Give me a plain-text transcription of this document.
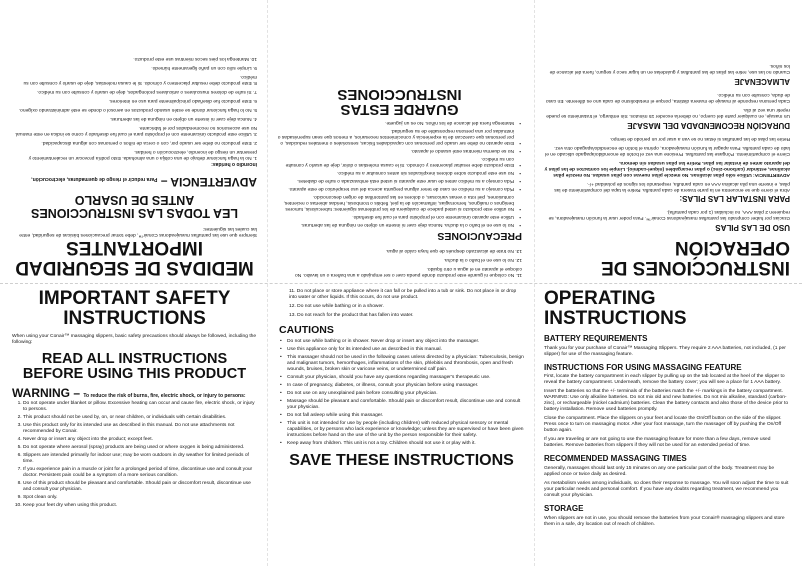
INSTRUCCIONES DE OPERACIÓN
USO DE LAS PILAS

Gracias por haber comprado las pantuflas masajeadoras Conair™. Para poder usar la función masajeadora, se requieren 2 pilas AAA, no incluidas (1 por cada pantufla).

PARA INSTALAR LAS PILAS:

Abra el cierre que se encuentra en la parte trasera de cada pantufla. Retire la tapa del compartimiento de las pilas, e inserte una pila alcalina AAA en cada pantufla, respetando los signos de polaridad +/-.

ADVERTENCIA: Utilice sólo pilas alcalinas. No mezcle pilas nuevas con pilas usadas. No mezcle pilas alcalinas, estándar (carbono-zinc) o pilas recargables (níquel-cadmio). Limpie los contactos de las pilas y del aparato antes de instalar las pilas. Retire las pilas usadas sin demora.

Cierre el compartimiento. Póngase las pantuflas. Presione una vez el botón de encendido/apagado ubicado en el lado de cada pantufla. Para apagar la función masajeadora, oprima el botón de encendido/apagado otra vez.

Retire las pilas de las pantuflas si éstas no se van a usar por un periodo de tiempo.

DURACIÓN RECOMENDADA DEL MASAJE

Un masaje, en cualquier parte del cuerpo, no debería exceder 15 minutos. Sin embargo, el tratamiento se puede repetir una vez al día.

Cada persona responde al masaje de manera distinta, porque el metabolismo de cada uno es diferente. En caso de duda, consulte con su médico.

ALMACENAJE

Cuando no las use, retire las pilas de las pantuflas y guárdelas en un lugar seco y seguro, fuera del alcance de los niños.

11. No coloque ni guarde este producto donde pueda caer o ser empujado a una bañera o un lavabo. No coloque el aparato en el agua u otro líquido.

12. No lo use en el baño o la ducha.

13. No trate de alcanzarlo después de que haya caído al agua.

PRECAUCIONES
• No lo use en el baño o la ducha. Nunca deje caer ni inserte un objeto en ninguna de las aberturas.
• Utilice este aparato únicamente con el propósito para el cual fue diseñado.
• No utilice este producto si usted padece de cualquiera de los problemas siguientes: tuberculosis, tumores benignos o malignos, hemorragias, inflamación de la piel, flebitis o trombosis, heridas abiertas o recientes, contusiones, piel rota o venas varicosas, o dolores en las pantorrillas de origen desconocido.
• Pida consejo a su médico en caso de tener alguna pregunta acerca del uso terapéutico de este aparato.
• Pida consejo a su médico antes de usar este aparato si usted está embarazada o sufre de diabetes.
• No use este producto sobre dolores inexplicados sin antes consultar a su médico.
• Este producto debe resultar placentero y cómodo. Si le causa molestias o dolor, deje de usarlo y consulte con su médico.
• No se duerma mientras esté usando el aparato.
• Este aparato no debe ser usado por personas con capacidades físicas, sensoriales o mentales reducidas, o por personas que carezcan de la experiencia y conocimientos necesarios, a menos que sean supervisadas o instruidas por una persona responsable de su seguridad.
• Mantenga fuera del alcance de los niños. No es un juguete.
GUARDE ESTAS INSTRUCCIONES
MEDIDAS DE SEGURIDAD IMPORTANTES

Siempre que use las pantuflas masajeadoras Conair™, debe tomar precauciones básicas de seguridad, entre las cuales las siguientes:

LEA TODAS LAS INSTRUCCIONES ANTES DE USARLO
ADVERTENCIA – Para reducir el riesgo de quemaduras, electrocución, incendio o heridas:

1. No la haga funcionar debajo de una cobija o una almohada. Esto podría provocar un recalentamiento y presentar un riesgo de incendio, electrocución o heridas.

2. Este producto no debe ser usado por, con o cerca de niños o personas con alguna discapacidad.

3. Utilice este producto únicamente con el propósito para el cual fue diseñado y como se indica en este manual. No use accesorios no recomendados por el fabricante.

4. Nunca deje caer ni inserte un objeto en ninguna de las aberturas.

5. No lo haga funcionar donde se estén usando productos en aerosol o donde se esté administrando oxígeno.

6. Este producto fue diseñado principalmente para uso en interiores.

7. Si sufre de dolores musculares o articulares prolongados, deje de usarlo y consulte con su médico.

8. Este producto debe resultar placentero y cómodo. Si le causa molestias, deje de usarlo y consulte con su médico.

9. Limpie sólo con un paño ligeramente húmedo.

10. Mantenga los pies secos mientras use este producto.

IMPORTANT SAFETY INSTRUCTIONS

When using your Conair™ massaging slippers, basic safety precautions should always be followed, including the following:

READ ALL INSTRUCTIONS BEFORE USING THIS PRODUCT
WARNING – To reduce the risk of burns, fire, electric shock, or injury to persons:
1. Do not operate under blanket or pillow. Excessive heating can occur and cause fire, electric shock, or injury to persons.
2. This product should not be used by, on, or near children, or individuals with certain disabilities.
3. Use this product only for its intended use as described in this manual. Do not use attachments not recommended by Conair.
4. Never drop or insert any object into the product; except feet.
5. Do not operate where aerosol (spray) products are being used or where oxygen is being administered.
6. Slippers are intended primarily for indoor use; may be worn outdoors in dry weather for limited periods of time.
7. If you experience pain in a muscle or joint for a prolonged period of time, discontinue use and consult your doctor. Persistent pain could be a symptom of a more serious condition.
8. Use of this product should be pleasant and comfortable. Should pain or discomfort result, discontinue use and consult your physician.
9. Spot clean only.
10. Keep your feet dry when using this product.

11. Do not place or store appliance where it can fall or be pulled into a tub or sink. Do not place in or drop into water or other liquids. If this occurs, do not use product.

12. Do not use while bathing or in a shower.

13. Do not reach for the product that has fallen into water.

CAUTIONS
• Do not use while bathing or in shower. Never drop or insert any object into the massager.
• Use this appliance only for its intended use as described in this manual.
• This massager should not be used in the following cases unless directed by a physician: Tuberculosis, benign and malignant tumors, hemorrhages, inflammations of the skin, phlebitis and thrombosis, open and fresh wounds, bruises, broken skin or varicose veins, or undetermined calf pain.
• Consult your physician, should you have any questions regarding massager's therapeutic use.
• In case of pregnancy, diabetes, or illness, consult your physician before using massager.
• Do not use on any unexplained pain before consulting your physician.
• Massage should be pleasant and comfortable. Should pain or discomfort result, discontinue use and consult your physician.
• Do not fall asleep while using this massager.
• This unit is not intended for use by people (including children) with reduced physical sensory or mental capabilities, or by persons who lack experience or knowledge; unless they are supervised or have been given instructions before hand on the use of the unit by the person responsible for their safety.
• Keep away from children. This unit is not a toy. Children should not use it or play with it.
SAVE THESE INSTRUCTIONS
OPERATING INSTRUCTIONS
BATTERY REQUIREMENTS

Thank you for your purchase of Conair™ Massaging Slippers. They require 2 AAA batteries, not included, (1 per slipper) for use of the massaging feature.

INSTRUCTIONS FOR USING MASSAGING FEATURE

First, locate the battery compartment in each slipper by pulling up on the tab located at the heel of the slipper to reveal the battery compartment. Underneath, remove the battery cover; you will see a place for 1 AAA battery.

Insert the batteries so that the +/- terminals of the batteries match the +/- markings in the battery compartment. WARNING: Use only alkaline batteries. Do not mix old and new batteries. Do not mix alkaline, standard (carbon-zinc), or rechargeable (nickel cadmium) batteries. Clean the battery contacts and also those of the device prior to battery installation. Remove used batteries promptly.

Close the compartment. Place the slippers on your feet and locate the On/Off button on the side of the slipper. Press once to turn on massaging motor. After your foot massage, turn the massager off by pushing the On/Off button again.

If you are traveling or are not going to use the massaging feature for more than a few days, remove used batteries. Remove batteries from slippers if they will not be used for an extended period of time.

RECOMMENDED MASSAGING TIMES

Generally, massages should last only 15 minutes on any one particular part of the body. Treatment may be applied once or twice daily as desired.

As metabolism varies among individuals, so does their response to massage. You will soon adjust the time to suit your particular needs and personal comfort. If you have any doubts regarding treatment, we recommend you consult your physician.

STORAGE

When slippers are not in use, you should remove the batteries from your Conair® massaging slippers and store them in a safe, dry location out of reach of children.
